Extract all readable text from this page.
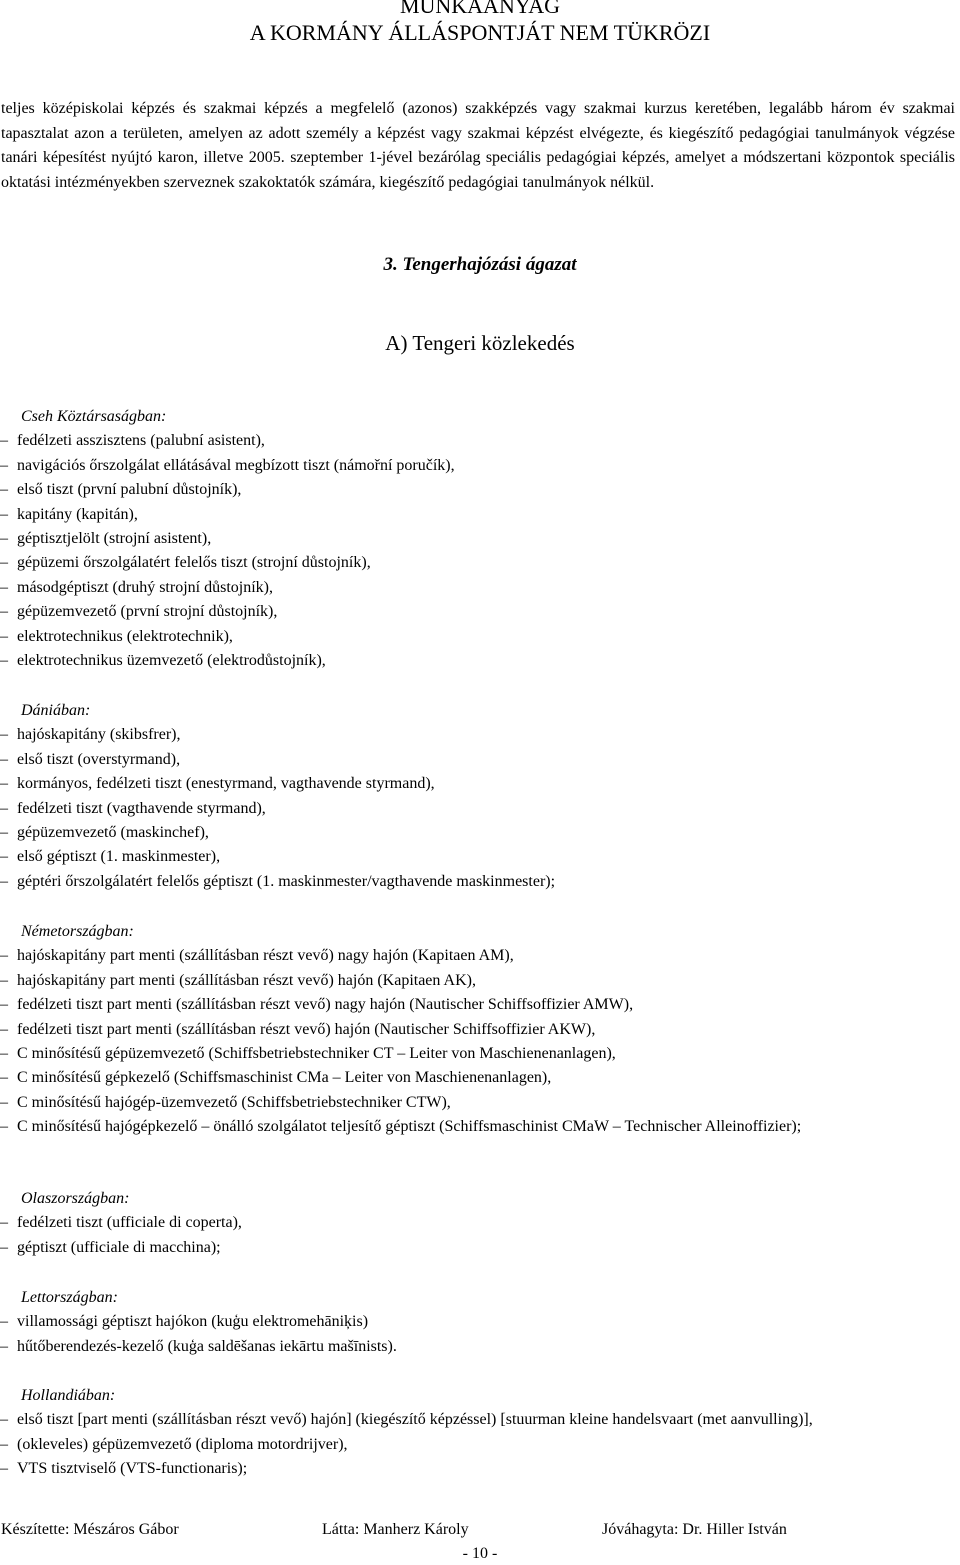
MUNKAANYAG
A KORMÁNY ÁLLÁSPONTJÁT NEM TÜKRÖZI

teljes középiskolai képzés és szakmai képzés a megfelelő (azonos) szakképzés vagy szakmai kurzus keretében, legalább három év szakmai tapasztalat azon a területen, amelyen az adott személy a képzést vagy szakmai képzést elvégezte, és kiegészítő pedagógiai tanulmányok végzése tanári képesítést nyújtó karon, illetve 2005. szeptember 1-jével bezárólag speciális pedagógiai képzés, amelyet a módszertani központok speciális oktatási intézményekben szerveznek szakoktatók számára, kiegészítő pedagógiai tanulmányok nélkül.

3. Tengerhajózási ágazat
A) Tengeri közlekedés

Cseh Köztársaságban:

– fedélzeti asszisztens (palubní asistent),
– navigációs őrszolgálat ellátásával megbízott tiszt (námořní poručík),
– első tiszt (první palubní důstojník),
– kapitány (kapitán),
– géptisztjelölt (strojní asistent),
– gépüzemi őrszolgálatért felelős tiszt (strojní důstojník),
– másodgéptiszt (druhý strojní důstojník),
– gépüzemvezető (první strojní důstojník),
– elektrotechnikus (elektrotechnik),
– elektrotechnikus üzemvezető (elektrodůstojník),

Dániában:

– hajóskapitány (skibsfrer),
– első tiszt (overstyrmand),
– kormányos, fedélzeti tiszt (enestyrmand, vagthavende styrmand),
– fedélzeti tiszt (vagthavende styrmand),
– gépüzemvezető (maskinchef),
– első géptiszt (1. maskinmester),
– géptéri őrszolgálatért felelős géptiszt (1. maskinmester/vagthavende maskinmester);

Németországban:

– hajóskapitány part menti (szállításban részt vevő) nagy hajón (Kapitaen AM),
– hajóskapitány part menti (szállításban részt vevő) hajón (Kapitaen AK),
– fedélzeti tiszt part menti (szállításban részt vevő) nagy hajón (Nautischer Schiffsoffizier AMW),
– fedélzeti tiszt part menti (szállításban részt vevő) hajón (Nautischer Schiffsoffizier AKW),
– C minősítésű gépüzemvezető (Schiffsbetriebstechniker CT – Leiter von Maschienenanlagen),
– C minősítésű gépkezelő (Schiffsmaschinist CMa – Leiter von Maschienenanlagen),
– C minősítésű hajógép-üzemvezető (Schiffsbetriebstechniker CTW),
– C minősítésű hajógépkezelő – önálló szolgálatot teljesítő géptiszt (Schiffsmaschinist CMaW – Technischer Alleinoffizier);

Olaszországban:

– fedélzeti tiszt (ufficiale di coperta),
– géptiszt (ufficiale di macchina);

Lettországban:

– villamossági géptiszt hajókon (kuģu elektromehāniķis)
– hűtőberendezés-kezelő (kuģa saldēšanas iekārtu mašīnists).

Hollandiában:

– első tiszt [part menti (szállításban részt vevő) hajón] (kiegészítő képzéssel) [stuurman kleine handelsvaart (met aanvulling)],
– (okleveles) gépüzemvezető (diploma motordrijver),
– VTS tisztviselő (VTS-functionaris);
Készítette: Mészáros Gábor	Látta: Manherz Károly	Jóváhagyta: Dr. Hiller István
- 10 -
